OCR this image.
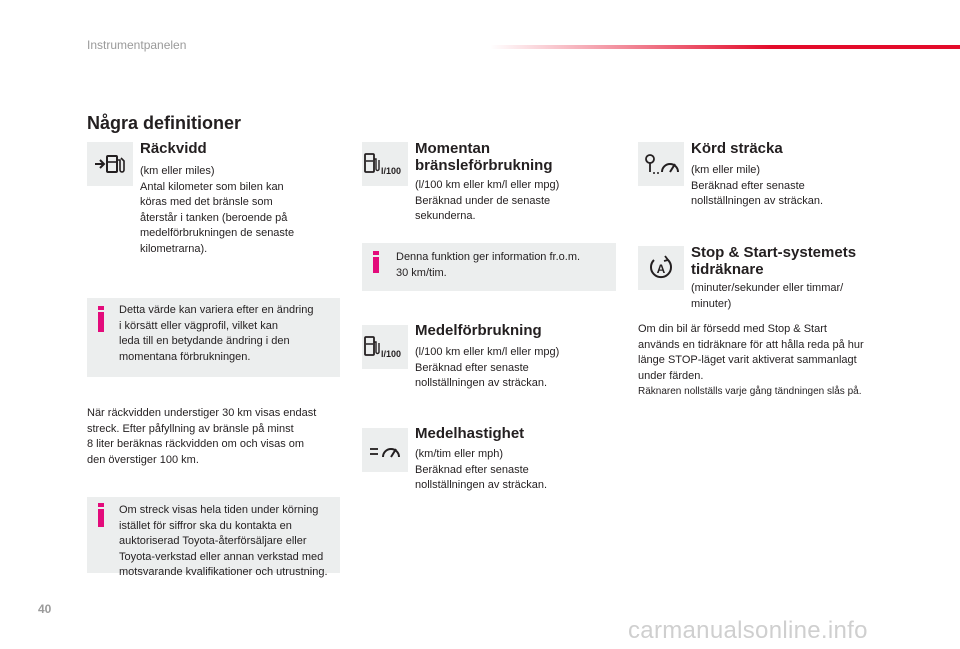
Instrumentpanelen
Några definitioner
Räckvidd
(km eller miles)
Antal kilometer som bilen kan
köras med det bränsle som
återstår i tanken (beroende på
medelförbrukningen de senaste
kilometrarna).
Detta värde kan variera efter en ändring
i körsätt eller vägprofil, vilket kan
leda till en betydande ändring i den
momentana förbrukningen.
När räckvidden understiger 30 km visas endast
streck. Efter påfyllning av bränsle på minst
8 liter beräknas räckvidden om och visas om
den överstiger 100 km.
Om streck visas hela tiden under körning
istället för siffror ska du kontakta en
auktoriserad Toyota-återförsäljare eller
Toyota-verkstad eller annan verkstad med
motsvarande kvalifikationer och utrustning.
l/100
Momentan
bränsleförbrukning
(l/100 km eller km/l eller mpg)
Beräknad under de senaste
sekunderna.
Denna funktion ger information fr.o.m.
30 km/tim.
l/100
Medelförbrukning
(l/100 km eller km/l eller mpg)
Beräknad efter senaste
nollställningen av sträckan.
Medelhastighet
(km/tim eller mph)
Beräknad efter senaste
nollställningen av sträckan.
Körd sträcka
(km eller mile)
Beräknad efter senaste
nollställningen av sträckan.
A
Stop & Start-systemets
tidräknare
(minuter/sekunder eller timmar/
minuter)
Om din bil är försedd med Stop & Start
används en tidräknare för att hålla reda på hur
länge STOP-läget varit aktiverat sammanlagt
under färden.
Räknaren nollställs varje gång tändningen slås på.
40
carmanualsonline.info
